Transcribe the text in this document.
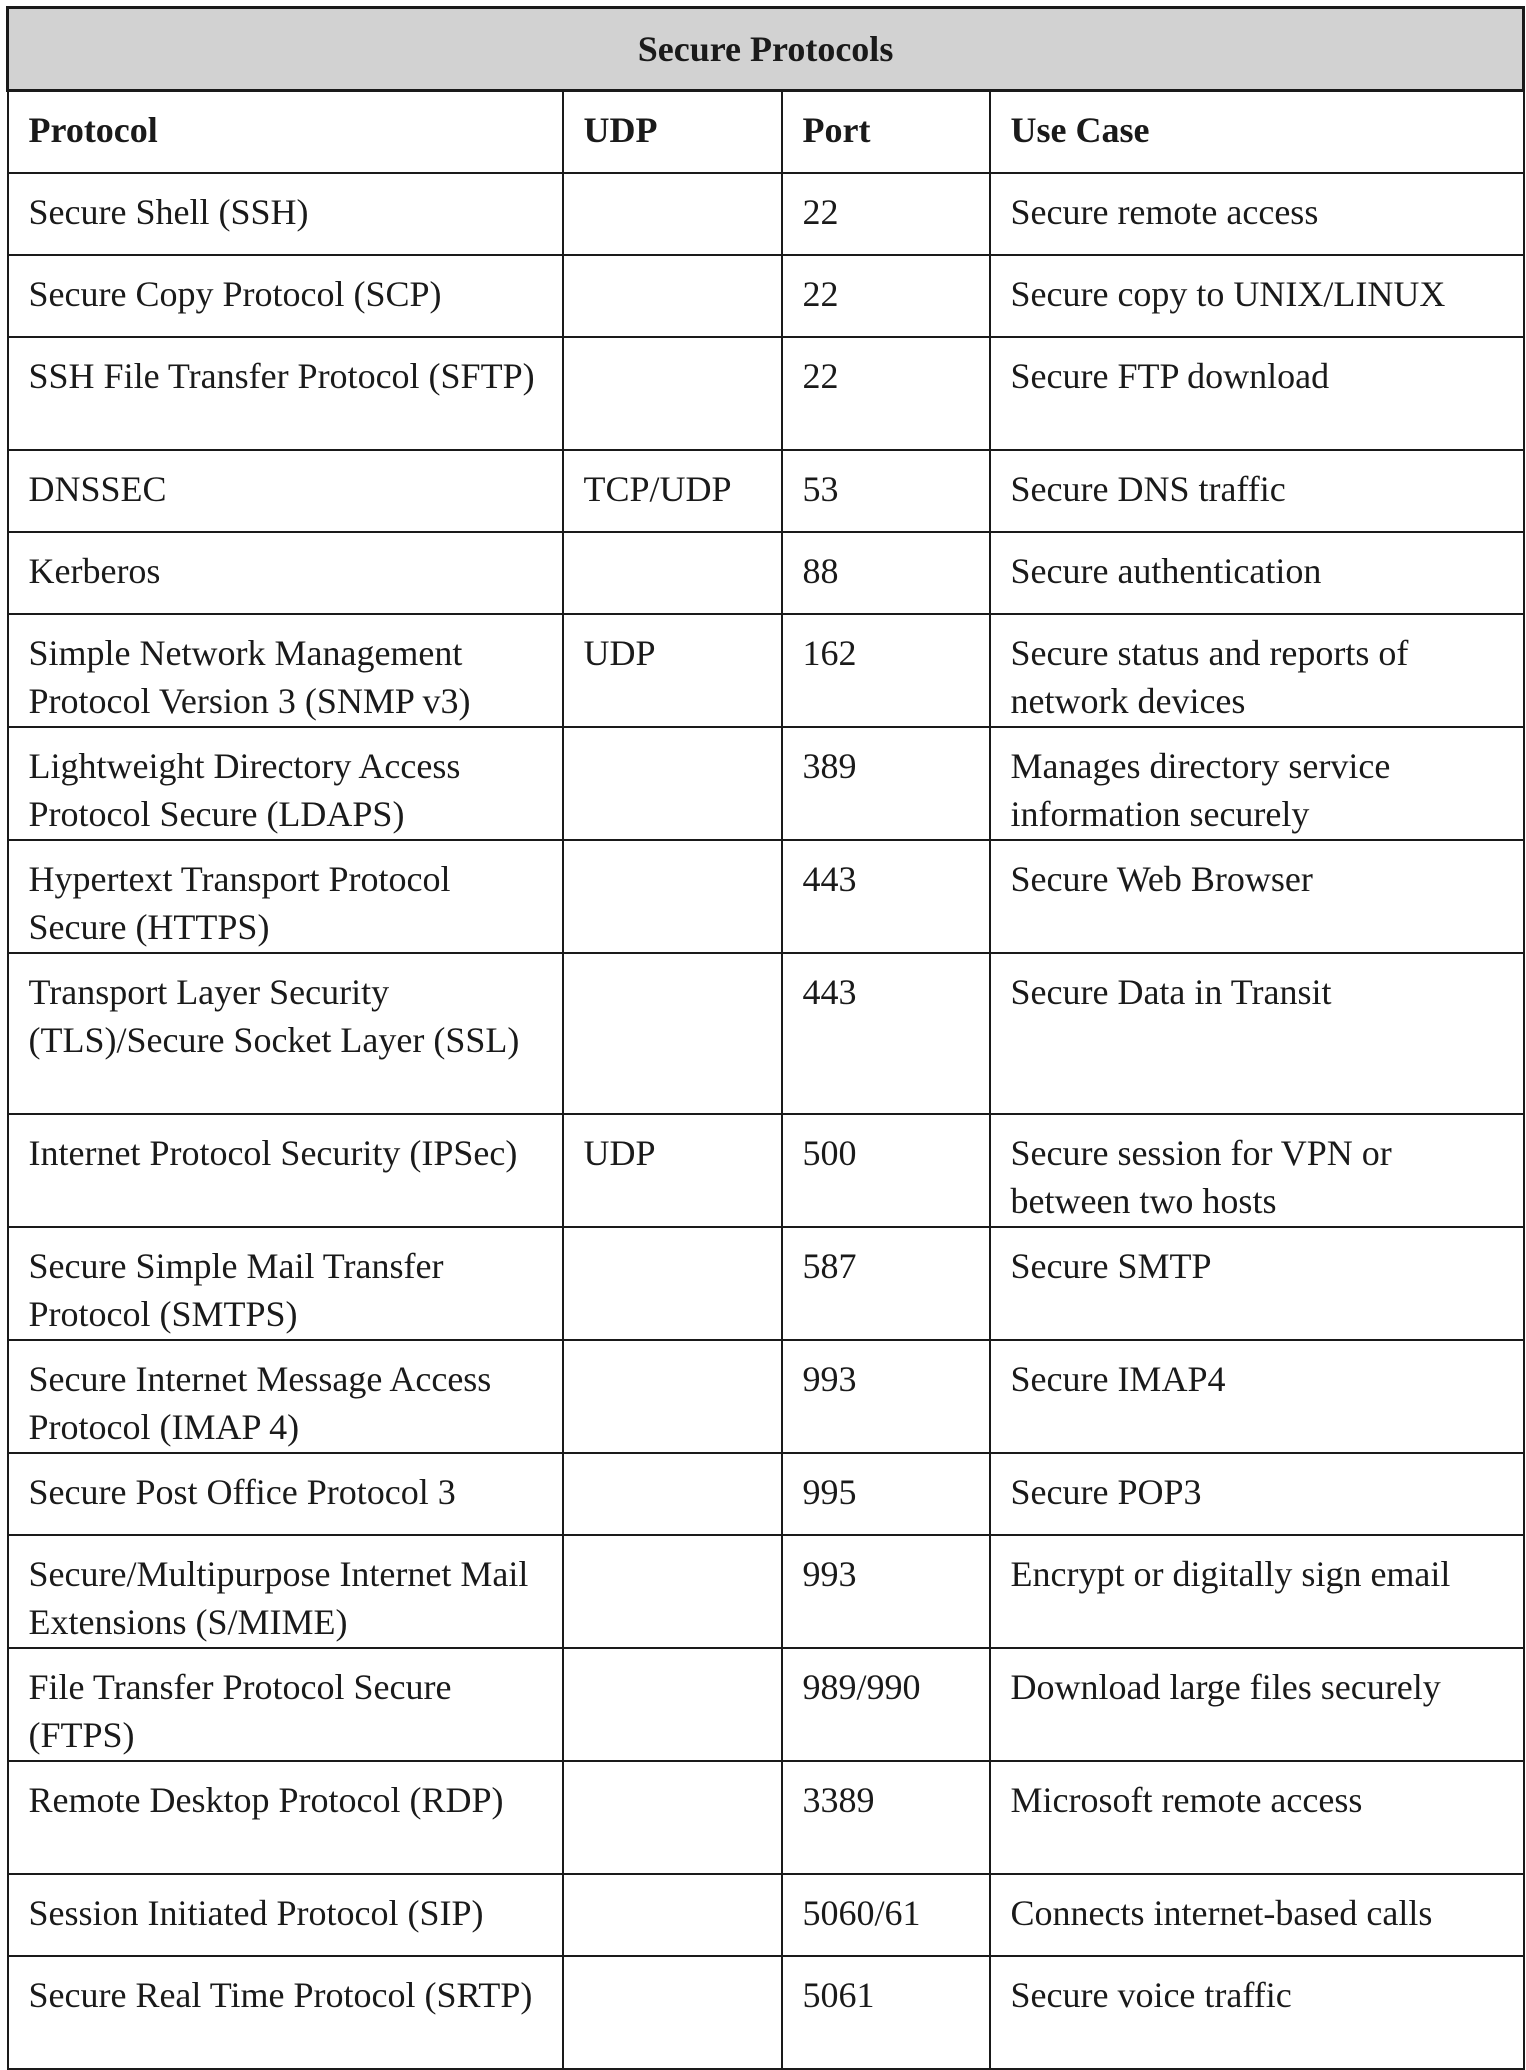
Secure Protocols			
Protocol	UDP	Port	Use Case
Secure Shell (SSH)		22	Secure remote access
Secure Copy Protocol (SCP)		22	Secure copy to UNIX/LINUX
SSH File Transfer Protocol (SFTP)		22	Secure FTP download
DNSSEC	TCP/UDP	53	Secure DNS traffic
Kerberos		88	Secure authentication
Simple Network Management Protocol Version 3 (SNMP v3)	UDP	162	Secure status and reports of network devices
Lightweight Directory Access Protocol Secure (LDAPS)		389	Manages directory service information securely
Hypertext Transport Protocol Secure (HTTPS)		443	Secure Web Browser
Transport Layer Security (TLS)/Secure Socket Layer (SSL)		443	Secure Data in Transit
Internet Protocol Security (IPSec)	UDP	500	Secure session for VPN or between two hosts
Secure Simple Mail Transfer Protocol (SMTPS)		587	Secure SMTP
Secure Internet Message Access Protocol (IMAP 4)		993	Secure IMAP4
Secure Post Office Protocol 3		995	Secure POP3
Secure/Multipurpose Internet Mail Extensions (S/MIME)		993	Encrypt or digitally sign email
File Transfer Protocol Secure (FTPS)		989/990	Download large files securely
Remote Desktop Protocol (RDP)		3389	Microsoft remote access
Session Initiated Protocol (SIP)		5060/61	Connects internet-based calls
Secure Real Time Protocol (SRTP)		5061	Secure voice traffic
